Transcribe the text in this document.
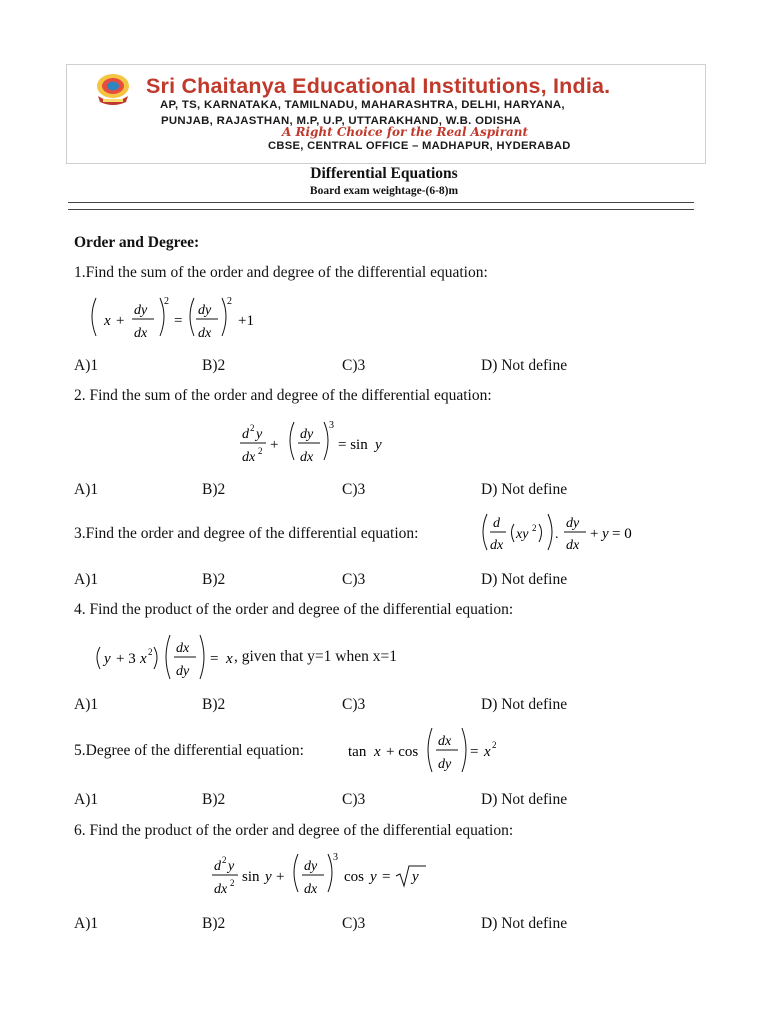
Sri Chaitanya Educational Institutions, India.
AP, TS, KARNATAKA, TAMILNADU, MAHARASHTRA, DELHI, HARYANA,
PUNJAB, RAJASTHAN, M.P, U.P, UTTARAKHAND, W.B. ODISHA
A Right Choice for the Real Aspirant
CBSE, CENTRAL OFFICE – MADHAPUR, HYDERABAD
Differential Equations
Board exam weightage-(6-8)m
Order and Degree:
1.Find the sum of the order and degree of the differential equation:
x +
dy
dx
2
=
dy
dx
2
+1
A)1	B)2	C)3	D) Not define
2. Find the sum of the order and degree of the differential equation:
d 2 y
dx 2 +
dy
dx
3
= sin y
A)1	B)2	C)3	D) Not define
3.Find the order and degree of the differential equation:
d
dx
xy 2 .
dy
dx
+ y = 0
A)1	B)2	C)3	D) Not define
4. Find the product of the order and degree of the differential equation:
y + 3 x 2 dx
dy
= x , given that y=1 when x=1
A)1	B)2	C)3	D) Not define
5.Degree of the differential equation:	tan x + cos
dx
dy
= x 2
A)1	B)2	C)3	D) Not define
6. Find the product of the order and degree of the differential equation:
d 2 y
dx 2 sin y +
dy
dx
3
cos y = y
A)1	B)2	C)3	D) Not define
